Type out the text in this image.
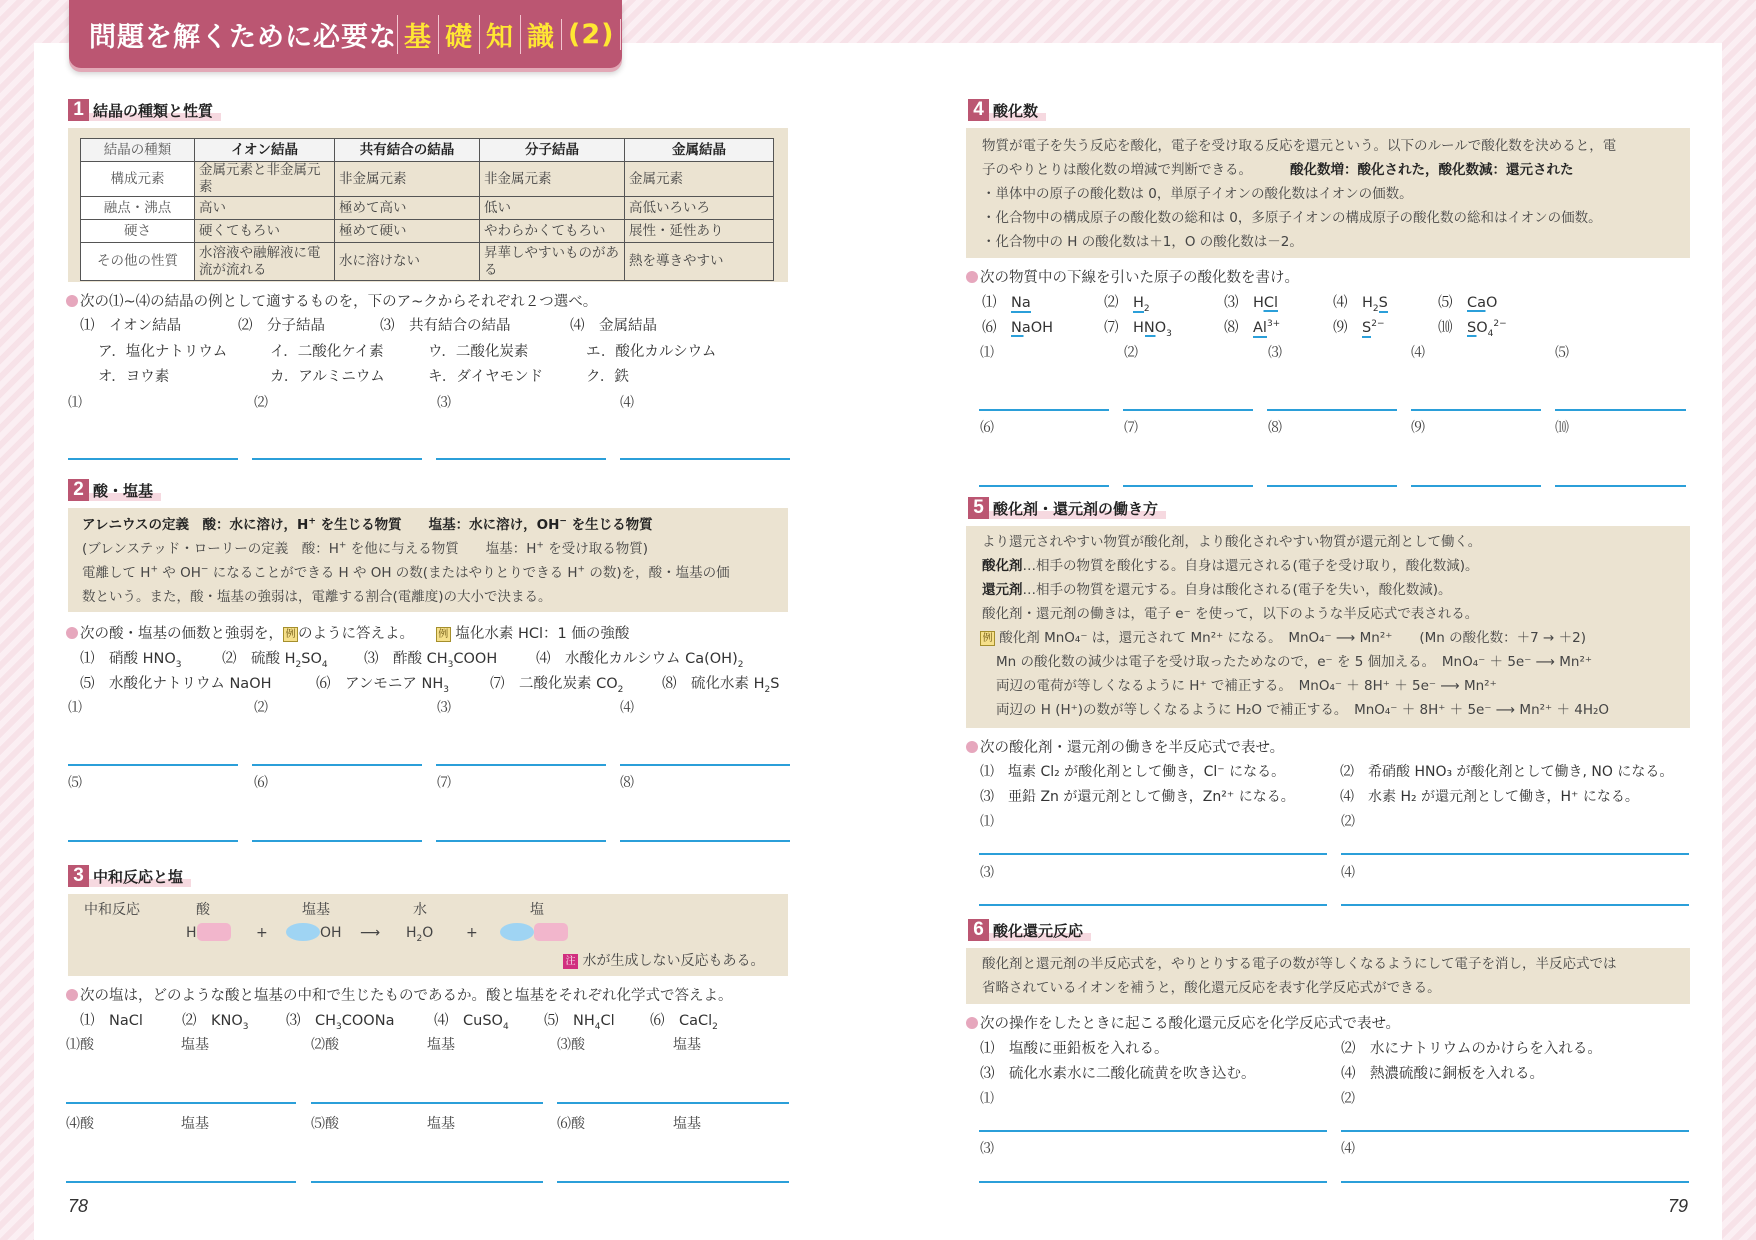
問題を解くために必要な 基 礎 知 識 (2)
1 結晶の種類と性質
結晶の種類	イオン結晶	共有結合の結晶	分子結晶	金属結晶
構成元素	金属元素と非金属元素	非金属元素	非金属元素	金属元素
融点・沸点	高い	極めて高い	低い	高低いろいろ
硬さ	硬くてもろい	極めて硬い	やわらかくてもろい	展性・延性あり
その他の性質	水溶液や融解液に電流が流れる	水に溶けない	昇華しやすいものがある	熱を導きやすい
次の⑴~⑷の結晶の例として適するものを，下のア~クからそれぞれ２つ選べ。
⑴　イオン結晶	⑵　分子結晶	⑶　共有結合の結晶	⑷　金属結晶
ア．塩化ナトリウム	イ．二酸化ケイ素	ウ．二酸化炭素	エ．酸化カルシウム
オ．ヨウ素	カ．アルミニウム	キ．ダイヤモンド	ク．鉄
⑴	⑵	⑶	⑷
2 酸・塩基
アレニウスの定義　酸：水に溶け，H+ を生じる物質　　塩基：水に溶け，OH− を生じる物質
(ブレンステッド・ローリーの定義　酸：H+ を他に与える物質　　塩基：H+ を受け取る物質)
電離して H+ や OH− になることができる H や OH の数(またはやりとりできる H+ の数)を，酸・塩基の価
数という。また，酸・塩基の強弱は，電離する割合(電離度)の大小で決まる。
次の酸・塩基の価数と強弱を， 例 のように答えよ。　　例 塩化水素 HCl：1 価の強酸
⑴　硝酸 $HNO_3$	⑵　硫酸 $H_2SO_4$	⑶　酢酸 $CH_3COOH$	⑷　水酸化カルシウム $Ca(OH)_2$
⑸　水酸化ナトリウム NaOH	⑹　アンモニア $NH_3$	⑺　二酸化炭素 $CO_2$	⑻　硫化水素 $H_2S$
⑴	⑵	⑶	⑷
⑸	⑹	⑺	⑻
3 中和反応と塩
中和反応	酸	塩基	水	塩
H	+	OH ⟶ $H_2O$ +
注 水が生成しない反応もある。
次の塩は，どのような酸と塩基の中和で生じたものであるか。酸と塩基をそれぞれ化学式で答えよ。
⑴　NaCl	⑵　$KNO_3$	⑶　$CH_3COONa$	⑷　CuSO$_4$ ⑸　$NH_4Cl$ ⑹　CaCl$_2$
⑴酸	塩基	⑵酸	塩基	⑶酸	塩基
⑷酸	塩基	⑸酸	塩基	⑹酸	塩基
78
4 酸化数
物質が電子を失う反応を酸化，電子を受け取る反応を還元という。以下のルールで酸化数を決めると，電
子のやりとりは酸化数の増減で判断できる。	酸化数増：酸化された，酸化数減：還元された
・単体中の原子の酸化数は 0，単原子イオンの酸化数はイオンの価数。
・化合物中の構成原子の酸化数の総和は 0，多原子イオンの構成原子の酸化数の総和はイオンの価数。
・化合物中の H の酸化数は＋1，O の酸化数は－2。
次の物質中の下線を引いた原子の酸化数を書け。
⑴　 Na	⑵　 $H_2$	⑶　 HCl	⑷　 $H_2S$	⑸　 CaO
⑹　 NaOH	⑺　 $HNO_3$	⑻　 $Al^{3+}$	⑼　 $S^{2-}$	⑽　 $SO_4^{2-}$
⑴	⑵	⑶	⑷	⑸
⑹	⑺	⑻	⑼	⑽
5 酸化剤・還元剤の働き方
より還元されやすい物質が酸化剤，より酸化されやすい物質が還元剤として働く。
酸化剤…相手の物質を酸化する。自身は還元される(電子を受け取り，酸化数減)。
還元剤…相手の物質を還元する。自身は酸化される(電子を失い，酸化数減)。
酸化剤・還元剤の働きは，電子 e⁻ を使って，以下のような半反応式で表される。
例 酸化剤 MnO₄⁻ は，還元されて Mn²⁺ になる。　MnO₄⁻ ⟶ Mn²⁺　　(Mn の酸化数：＋7 → ＋2)
Mn の酸化数の減少は電子を受け取ったためなので，e⁻ を 5 個加える。　MnO₄⁻ ＋ 5e⁻ ⟶ Mn²⁺
両辺の電荷が等しくなるように H⁺ で補正する。　MnO₄⁻ ＋ 8H⁺ ＋ 5e⁻ ⟶ Mn²⁺
両辺の H (H⁺)の数が等しくなるように H₂O で補正する。　MnO₄⁻ ＋ 8H⁺ ＋ 5e⁻ ⟶ Mn²⁺ ＋ 4H₂O
次の酸化剤・還元剤の働きを半反応式で表せ。
⑴　塩素 Cl₂ が酸化剤として働き，Cl⁻ になる。	⑵　希硝酸 HNO₃ が酸化剤として働き, NO になる。
⑶　亜鉛 Zn が還元剤として働き，Zn²⁺ になる。	⑷　水素 H₂ が還元剤として働き，H⁺ になる。
⑴	⑵
⑶	⑷
6 酸化還元反応
酸化剤と還元剤の半反応式を，やりとりする電子の数が等しくなるようにして電子を消し，半反応式では
省略されているイオンを補うと，酸化還元反応を表す化学反応式ができる。
次の操作をしたときに起こる酸化還元反応を化学反応式で表せ。
⑴　塩酸に亜鉛板を入れる。	⑵　水にナトリウムのかけらを入れる。
⑶　硫化水素水に二酸化硫黄を吹き込む。	⑷　熱濃硫酸に銅板を入れる。
⑴	⑵
⑶	⑷
79
